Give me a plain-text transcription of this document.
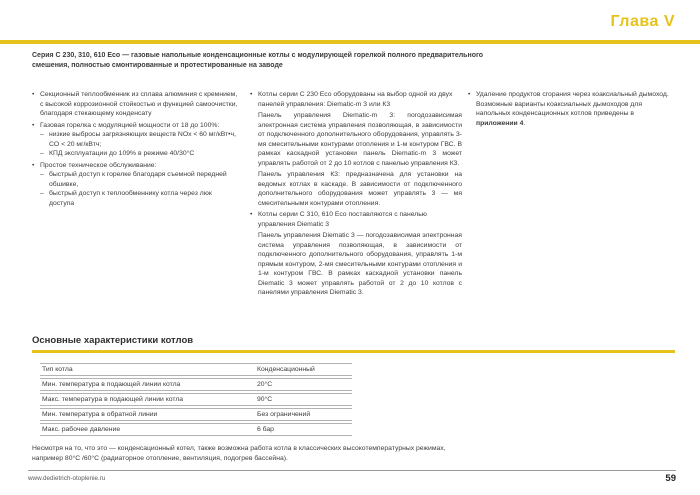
Глава V
Серия C 230, 310, 610 Eco — газовые напольные конденсационные котлы с модулирующей горелкой полного предварительного смешения, полностью смонтированные и протестированные на заводе
• Секционный теплообменник из сплава алюминия с кремнием, с высокой коррозионной стойкостью и функцией самоочистки, благодаря стекающему конденсату
• Газовая горелка с модуляцией мощности от 18 до 100%:
– низкие выбросы загрязняющих веществ NOx < 60 мг/кВт•ч, CO < 20 мг/кВтч;
– КПД эксплуатации до 109% в режиме 40/30°C
• Простое техническое обслуживание:
– быстрый доступ к горелке благодаря съемной передней обшивке,
– быстрый доступ к теплообменнику котла через люк доступа
• Котлы серии C 230 Eco оборудованы на выбор одной из двух панелей управления: Diematic-m 3 или К3
Панель управления Diematic-m 3: погодозависимая электронная система управления позволяющая, в зависимости от подключенного дополнительного оборудования, управлять 3-мя смесительными контурами отопления и 1-м контуром ГВС. В рамках каскадной установки панель Diematic-m 3 может управлять работой от 2 до 10 котлов с панелью управления К3.
Панель управления К3: предназначена для установки на ведомых котлах в каскаде. В зависимости от подключенного дополнительного оборудования может управлять 3 — мя смесительными контурами отопления.
• Котлы серии C 310, 610 Eco поставляются с панелью управления Diematic 3
Панель управления Diematic 3 — погодозависимая электронная система управления позволяющая, в зависимости от подключенного дополнительного оборудования, управлять 1-м прямым контуром, 2-мя смесительными контурами отопления и 1-м контуром ГВС. В рамках каскадной установки панель Diematic 3 может управлять работой от 2 до 10 котлов с панелями управления Diematic 3.
• Удаление продуктов сгорания через коаксиальный дымоход. Возможные варианты коаксиальных дымоходов для напольных конденсационных котлов приведены в приложении 4.
Основные характеристики котлов
Тип котла	Конденсационный
Мин. температура в подающей линии котла	20°C
Макс. температура в подающей линии котла	90°C
Мин. температура в обратной линии	Без ограничений
Макс. рабочее давление	6 бар
Несмотря на то, что это — конденсационный котел, также возможна работа котла в классических высокотемпературных режимах, например 80°C /60°C (радиаторное отопление, вентиляция, подогрев бассейна).
www.dedietrich-otoplenie.ru	59
